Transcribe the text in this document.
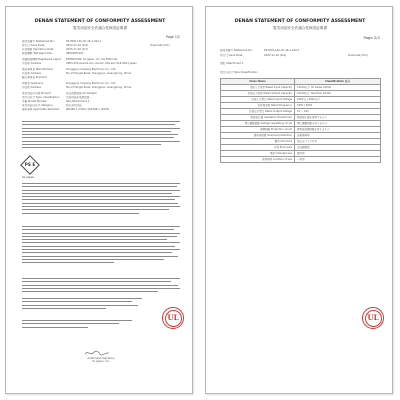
DENAN STATEMENT OF CONFORMITY ASSESSMENT
電気用品安全法適合性検査証明書
Page 1/2
証明書番号 Statement No.	PS-HDH-12b-3C-16-1-001-1
発行日 Issue Date	2022-11-02 (R-4)	Duplicate (ICC)
有効期限 Expiration Date	2025-11-02 (R-7)
検査機関 Test Report No.	4890485-001
登録検査機関 Registered Agent	EXEMPTION; UL Japan, Inc. Ise EMC Lab.
所在地 Address	4383-326 Asama-cho, Ise-shi, Mie-ken 516-0021 Japan
製造事業者 Manufacturer	Dongguan Xinpeng Electronic Co., Ltd.
所在地 Address	No.13 Fengle Road, Dongguan, Guangdong, China
輸入事業者 Importer
申請者 Applicant	Dongguan Xinpeng Electronic Co., Ltd.
所在地 Address	No.13 Fengle Road, Dongguan, Guangdong, China
電気用品の名称 Product	直流電源装置 AC Adapter
型式の区分 Type classification	交流用直流電源装置
型番 Model Number	See Attachment 1
電気用品の区分 Category	特定電気用品
適用基準 Applicable Standard	J60950-1 (H29) / J62368-1 (2020)
PS E
UL Japan
UL
Authorized Signatory
UL Japan, Inc.
DENAN STATEMENT OF CONFORMITY ASSESSMENT
電気用品安全法適合性検査証明書
Page 2/2
証明書番号 Statement No.	PS-HDH-12b-3C-16-1-001-1
発行日 Issue Date	2022-11-02 (R-4)	Duplicate (ICC)
別紙 Attachment 1
型式の区分 Type Classification
Class Items	Classification 区分
定格入力容量 Rated Input Capacity	100VA以下 VA below 100VA
定格出力容量 Rated Output Capacity	100VA以下 less than 100VA
定格入力電圧 Rated Input Voltage	100V以上300V以下
定格周波数 Rated Frequency	50Hz / 60Hz
定格出力電圧 Rated Output Voltage	5V ~ 24V
絶縁変圧器 Insulation Transformer	絶縁変圧器を使用するもの
電圧調整回路 Voltage regulating circuit	電圧調整回路を有するもの
保護回路 Protection circuit	過電流保護回路を有するもの
過負荷保護 Overload protection	自動復帰型
構造 Structure	差込みプラグ付き
外郭 Enclosure	合成樹脂製
用途 Intended use	屋内用
使用場所 Location of use	一般用
UL
